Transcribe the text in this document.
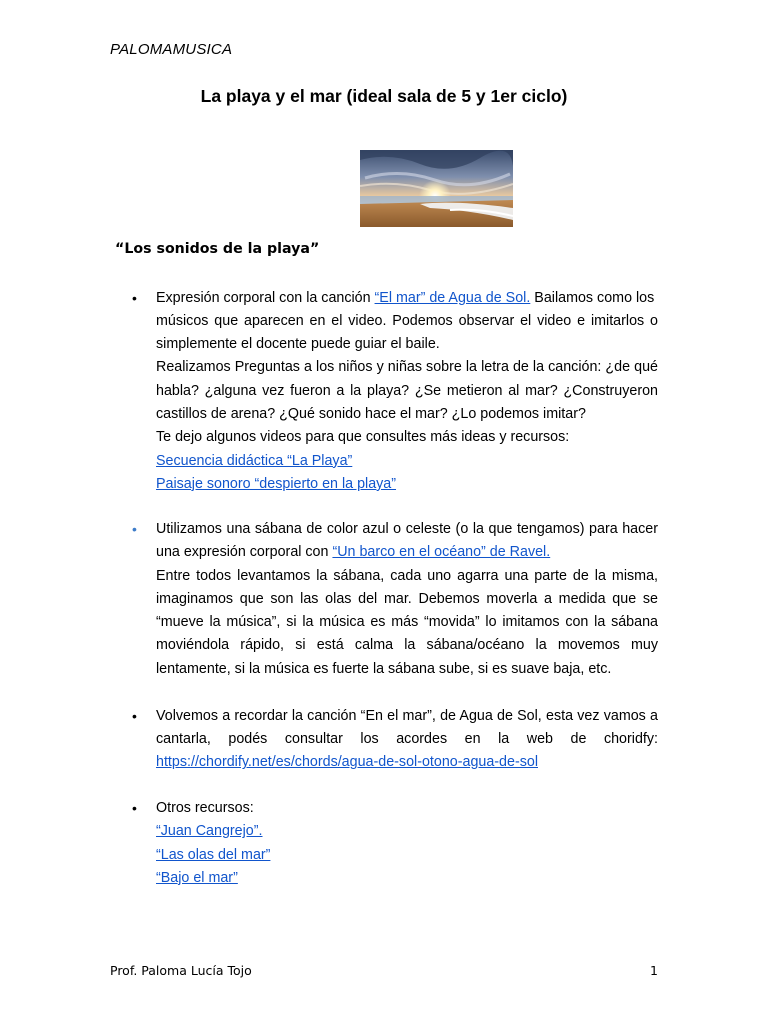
PALOMAMUSICA
La playa y el mar (ideal sala de 5 y 1er ciclo)
“Los sonidos de la playa”
•	Expresión corporal con la canción “El mar” de Agua de Sol. Bailamos como los
músicos que aparecen en el video. Podemos observar el video e imitarlos o
simplemente el docente puede guiar el baile.
Realizamos Preguntas a los niños y niñas sobre la letra de la canción: ¿de qué
habla? ¿alguna vez fueron a la playa? ¿Se metieron al mar? ¿Construyeron
castillos de arena? ¿Qué sonido hace el mar? ¿Lo podemos imitar?
Te dejo algunos videos para que consultes más ideas y recursos:
Secuencia didáctica “La Playa”
Paisaje sonoro “despierto en la playa”
•	Utilizamos una sábana de color azul o celeste (o la que tengamos) para hacer
una expresión corporal con “Un barco en el océano” de Ravel.
Entre todos levantamos la sábana, cada uno agarra una parte de la misma,
imaginamos que son las olas del mar. Debemos moverla a medida que se
“mueve la música”, si la música es más “movida” lo imitamos con la sábana
moviéndola rápido, si está calma la sábana/océano la movemos muy
lentamente, si la música es fuerte la sábana sube, si es suave baja, etc.
•	Volvemos a recordar la canción “En el mar”, de Agua de Sol, esta vez vamos a
cantarla, podés consultar los acordes en la web de choridfy:
https://chordify.net/es/chords/agua-de-sol-otono-agua-de-sol
•	Otros recursos:
“Juan Cangrejo”.
“Las olas del mar”
“Bajo el mar”
Prof. Paloma Lucía Tojo	1
